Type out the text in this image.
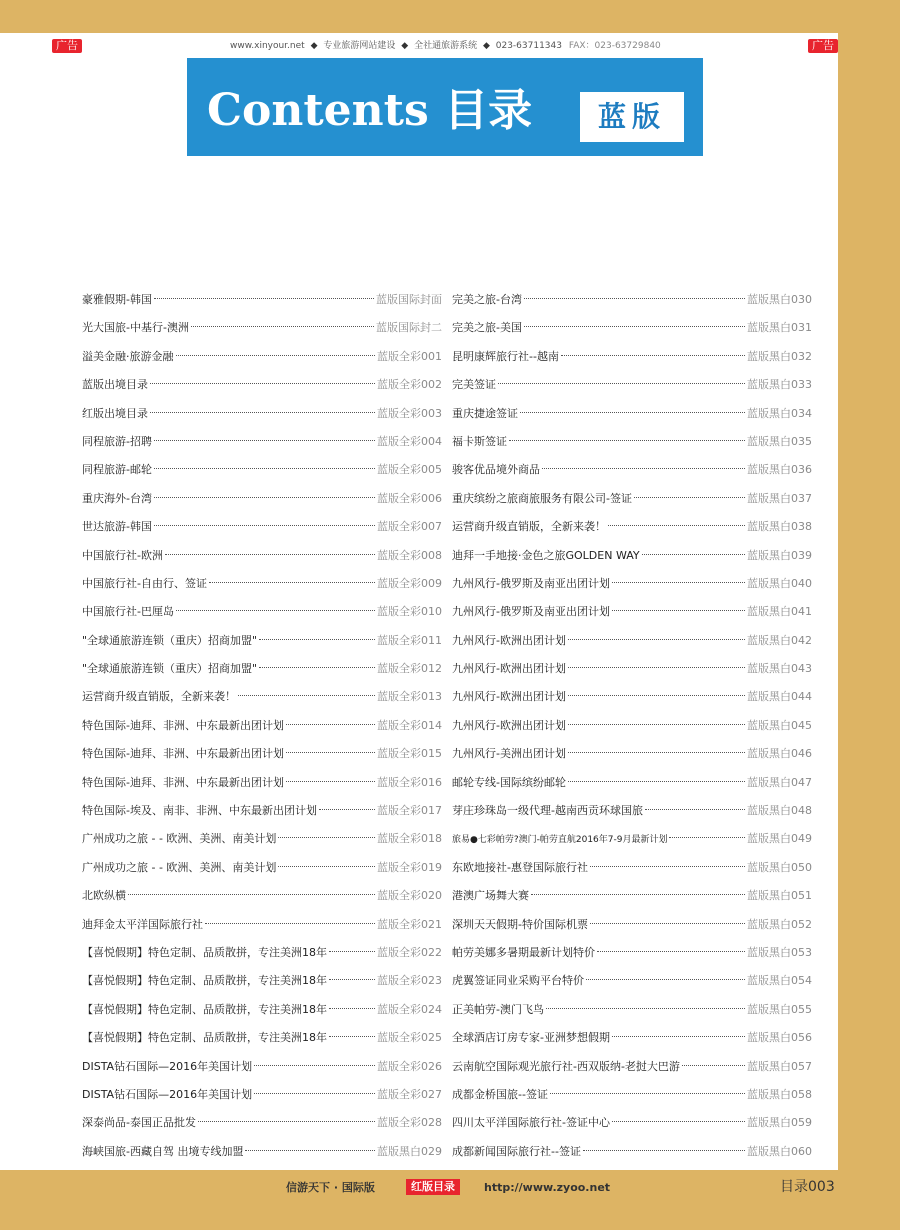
广告	www.xinyour.net ◆ 专业旅游网站建设 ◆ 全社通旅游系统 ◆ 023-63711343 FAX：023-63729840	广告
Contents 目录	蓝版
豪雅假期-韩国	蓝版国际封面
光大国旅-中基行-澳洲	蓝版国际封二
溢美金融·旅游金融	蓝版全彩001
蓝版出境目录	蓝版全彩002
红版出境目录	蓝版全彩003
同程旅游-招聘	蓝版全彩004
同程旅游-邮轮	蓝版全彩005
重庆海外-台湾	蓝版全彩006
世达旅游-韩国	蓝版全彩007
中国旅行社-欧洲	蓝版全彩008
中国旅行社-自由行、签证	蓝版全彩009
中国旅行社-巴厘岛	蓝版全彩010
"全球通旅游连锁（重庆）招商加盟"	蓝版全彩011
"全球通旅游连锁（重庆）招商加盟"	蓝版全彩012
运营商升级直销版，全新来袭！	蓝版全彩013
特色国际-迪拜、非洲、中东最新出团计划	蓝版全彩014
特色国际-迪拜、非洲、中东最新出团计划	蓝版全彩015
特色国际-迪拜、非洲、中东最新出团计划	蓝版全彩016
特色国际-埃及、南非、非洲、中东最新出团计划	蓝版全彩017
广州成功之旅 - - 欧洲、美洲、南美计划	蓝版全彩018
广州成功之旅 - - 欧洲、美洲、南美计划	蓝版全彩019
北欧纵横	蓝版全彩020
迪拜金太平洋国际旅行社	蓝版全彩021
【喜悦假期】特色定制、品质散拼，专注美洲18年	蓝版全彩022
【喜悦假期】特色定制、品质散拼，专注美洲18年	蓝版全彩023
【喜悦假期】特色定制、品质散拼，专注美洲18年	蓝版全彩024
【喜悦假期】特色定制、品质散拼，专注美洲18年	蓝版全彩025
DISTA钻石国际—2016年美国计划	蓝版全彩026
DISTA钻石国际—2016年美国计划	蓝版全彩027
深泰尚品-泰国正品批发	蓝版全彩028
海峡国旅-西藏自驾 出境专线加盟	蓝版黑白029
完美之旅-台湾	蓝版黑白030
完美之旅-美国	蓝版黑白031
昆明康辉旅行社--越南	蓝版黑白032
完美签证	蓝版黑白033
重庆捷途签证	蓝版黑白034
福卡斯签证	蓝版黑白035
骏客优品境外商品	蓝版黑白036
重庆缤纷之旅商旅服务有限公司-签证	蓝版黑白037
运营商升级直销版，全新来袭！	蓝版黑白038
迪拜一手地接·金色之旅GOLDEN WAY	蓝版黑白039
九州风行-俄罗斯及南亚出团计划	蓝版黑白040
九州风行-俄罗斯及南亚出团计划	蓝版黑白041
九州风行-欧洲出团计划	蓝版黑白042
九州风行-欧洲出团计划	蓝版黑白043
九州风行-欧洲出团计划	蓝版黑白044
九州风行-欧洲出团计划	蓝版黑白045
九州风行-美洲出团计划	蓝版黑白046
邮轮专线-国际缤纷邮轮	蓝版黑白047
芽庄珍珠岛一级代理-越南西贡环球国旅	蓝版黑白048
旅易●七彩帕劳?澳门-帕劳直航2016年7-9月最新计划	蓝版黑白049
东欧地接社-惠登国际旅行社	蓝版黑白050
港澳广场舞大赛	蓝版黑白051
深圳天天假期-特价国际机票	蓝版黑白052
帕劳美娜多暑期最新计划特价	蓝版黑白053
虎翼签证同业采购平台特价	蓝版黑白054
正美帕劳-澳门飞鸟	蓝版黑白055
全球酒店订房专家-亚洲梦想假期	蓝版黑白056
云南航空国际观光旅行社-西双版纳-老挝大巴游	蓝版黑白057
成都金桥国旅--签证	蓝版黑白058
四川太平洋国际旅行社-签证中心	蓝版黑白059
成都新闻国际旅行社--签证	蓝版黑白060
信游天下 · 国际版	红版目录	http://www.zyoo.net	目录003
